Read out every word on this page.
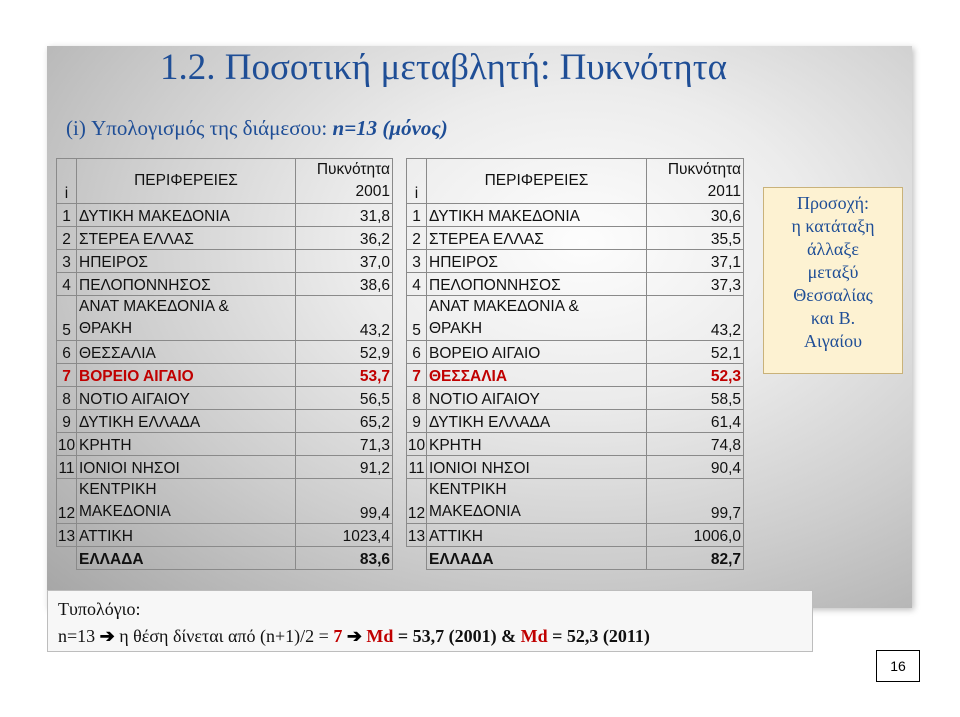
1.2. Ποσοτική μεταβλητή: Πυκνότητα
(i) Υπολογισμός της διάμεσου: n=13 (μόνος)
i	ΠΕΡΙΦΕΡΕΙΕΣ	Πυκνότητα
2001

1	ΔΥΤΙΚΗ ΜΑΚΕΔΟΝΙΑ	31,8
2	ΣΤΕΡΕΑ ΕΛΛΑΣ	36,2
3	ΗΠΕΙΡΟΣ	37,0
4	ΠΕΛΟΠΟΝΝΗΣΟΣ	38,6
5	ΑΝΑΤ ΜΑΚΕΔΟΝΙΑ &
ΘΡΑΚΗ	43,2
6	ΘΕΣΣΑΛΙΑ	52,9
7	ΒΟΡΕΙΟ ΑΙΓΑΙΟ	53,7
8	ΝΟΤΙΟ ΑΙΓΑΙΟΥ	56,5
9	ΔΥΤΙΚΗ ΕΛΛΑΔΑ	65,2
10	ΚΡΗΤΗ	71,3
11	ΙΟΝΙΟΙ ΝΗΣΟΙ	91,2
12	ΚΕΝΤΡΙΚΗ
ΜΑΚΕΔΟΝΙΑ	99,4
13	ΑΤΤΙΚΗ	1023,4
	ΕΛΛΑΔΑ	83,6
i	ΠΕΡΙΦΕΡΕΙΕΣ	Πυκνότητα
2011

1	ΔΥΤΙΚΗ ΜΑΚΕΔΟΝΙΑ	30,6
2	ΣΤΕΡΕΑ ΕΛΛΑΣ	35,5
3	ΗΠΕΙΡΟΣ	37,1
4	ΠΕΛΟΠΟΝΝΗΣΟΣ	37,3
5	ΑΝΑΤ ΜΑΚΕΔΟΝΙΑ &
ΘΡΑΚΗ	43,2
6	ΒΟΡΕΙΟ ΑΙΓΑΙΟ	52,1
7	ΘΕΣΣΑΛΙΑ	52,3
8	ΝΟΤΙΟ ΑΙΓΑΙΟΥ	58,5
9	ΔΥΤΙΚΗ ΕΛΛΑΔΑ	61,4
10	ΚΡΗΤΗ	74,8
11	ΙΟΝΙΟΙ ΝΗΣΟΙ	90,4
12	ΚΕΝΤΡΙΚΗ
ΜΑΚΕΔΟΝΙΑ	99,7
13	ΑΤΤΙΚΗ	1006,0
	ΕΛΛΑΔΑ	82,7
Προσοχή:
η κατάταξη
άλλαξε
μεταξύ
Θεσσαλίας
και Β.
Αιγαίου
Τυπολόγιο:
n=13 ➔ η θέση δίνεται από (n+1)/2 = 7 ➔ Md = 53,7 (2001) & Md = 52,3 (2011)
16
